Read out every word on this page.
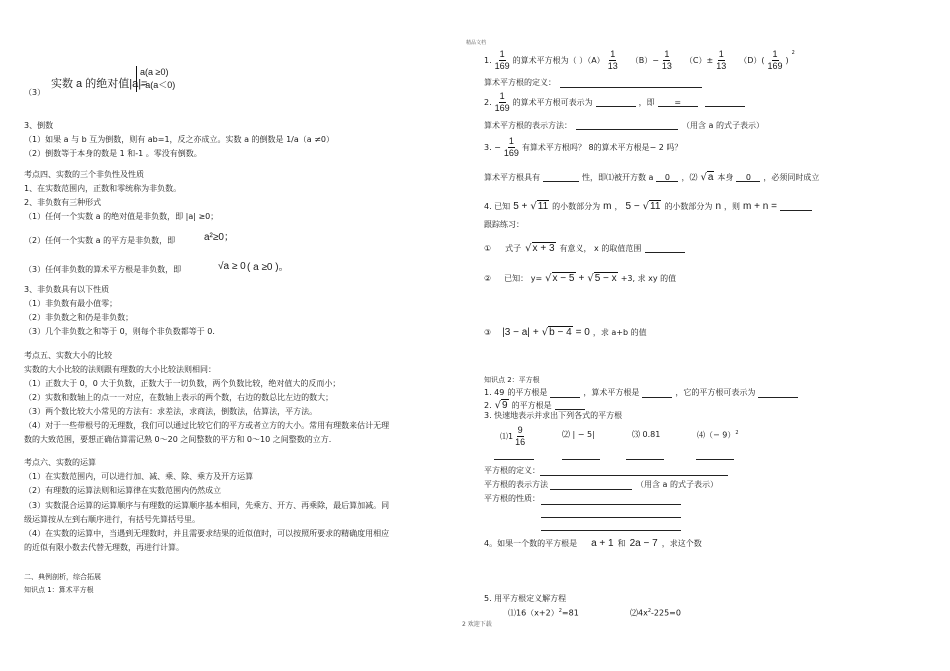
（3）
实数 a 的绝对值|a|=
a(a ≥0)
−a(a＜0)
3、倒数
（1）如果 a 与 b 互为倒数，则有 ab=1，反之亦成立。实数 a 的倒数是 1/a（a ≠0）
（2）倒数等于本身的数是 1 和-1 。零没有倒数。
考点四、实数的三个非负性及性质
1、在实数范围内，正数和零统称为非负数。
2、非负数有三种形式
（1）任何一个实数 a 的绝对值是非负数，即 |a| ≥0；
（2）任何一个实数 a 的平方是非负数，即	a²≥0；
（3）任何非负数的算术平方根是非负数，即	√a ≥ 0 ( a ≥0 )。
3、非负数具有以下性质
（1）非负数有最小值零；
（2）非负数之和仍是非负数；
（3）几个非负数之和等于 0，则每个非负数都等于 0.
考点五、实数大小的比较
实数的大小比较的法则跟有理数的大小比较法则相同：
（1）正数大于 0，0 大于负数，正数大于一切负数，两个负数比较，绝对值大的反而小；
（2）实数和数轴上的点一一对应，在数轴上表示的两个数，右边的数总比左边的数大；
（3）两个数比较大小常见的方法有：求差法，求商法，倒数法，估算法，平方法。
（4）对于一些带根号的无理数，我们可以通过比较它们的平方或者立方的大小。常用有理数来估计无理
数的大致范围，要想正确估算需记熟 0～20 之间整数的平方和 0～10 之间整数的立方.
考点六、实数的运算
（1）在实数范围内，可以进行加、减、乘、除、乘方及开方运算
（2）有理数的运算法则和运算律在实数范围内仍然成立
（3）实数混合运算的运算顺序与有理数的运算顺序基本相同，先乘方、开方、再乘除，最后算加减。同
级运算按从左到右顺序进行，有括号先算括号里。
（4）在实数的运算中，当遇到无理数时，并且需要求结果的近似值时，可以按照所要求的精确度用相应
的近似有限小数去代替无理数，再进行计算。
二、典例剖析，综合拓展
知识点 1：算术平方根
精品文档
1. $\frac{1}{169}$ 的算术平方根为（ ）$(A) \frac{1}{13} (B)- \frac{1}{13} (C)\pm \frac{1}{13} (D)( \frac{1}{169}$ )
$^2$
算术平方根的定义：
2. $\frac{1}{169}$ 的算术平方根可表示为	，即	=
算术平方根的表示方法：	（用含 a 的式子表示）
3. − $\frac{1}{169}$ 有算术平方根吗？ 8的算术平方根是− 2 吗？
算术平方根具有	性，即⑴被开方数 a	0	，⑵ √a 本身	0	，必须同时成立
4. 已知 5 + √11 的小数部分为 m ， 5 − √11 的小数部分为 n ，则 m + n =
跟踪练习：
① 式子 √x + 3 有意义， x 的取值范围
② 已知： y= √x − 5 + √5 − x +3, 求 xy 的值
③ |3 − a| + √b − 4 = 0 ，求 a+b 的值
知识点 2：平方根
1. 49 的平方根是	，算术平方根是	，它的平方根可表示为
2. √9 的平方根是
3. 快速地表示并求出下列各式的平方根
⑴1 $\frac{9}{16}$	⑵ | − 5|	⑶ 0.81	⑷（− 9）$^2$
平方根的定义：
平方根的表示方法	（用含 a 的式子表示）
平方根的性质：
4。如果一个数的平方根是 a + 1 和 2a − 7 ，求这个数
5. 用平方根定义解方程
$⑴16(x+2)^2=81$	$⑵4x^2-225=0$
2 欢迎下载
